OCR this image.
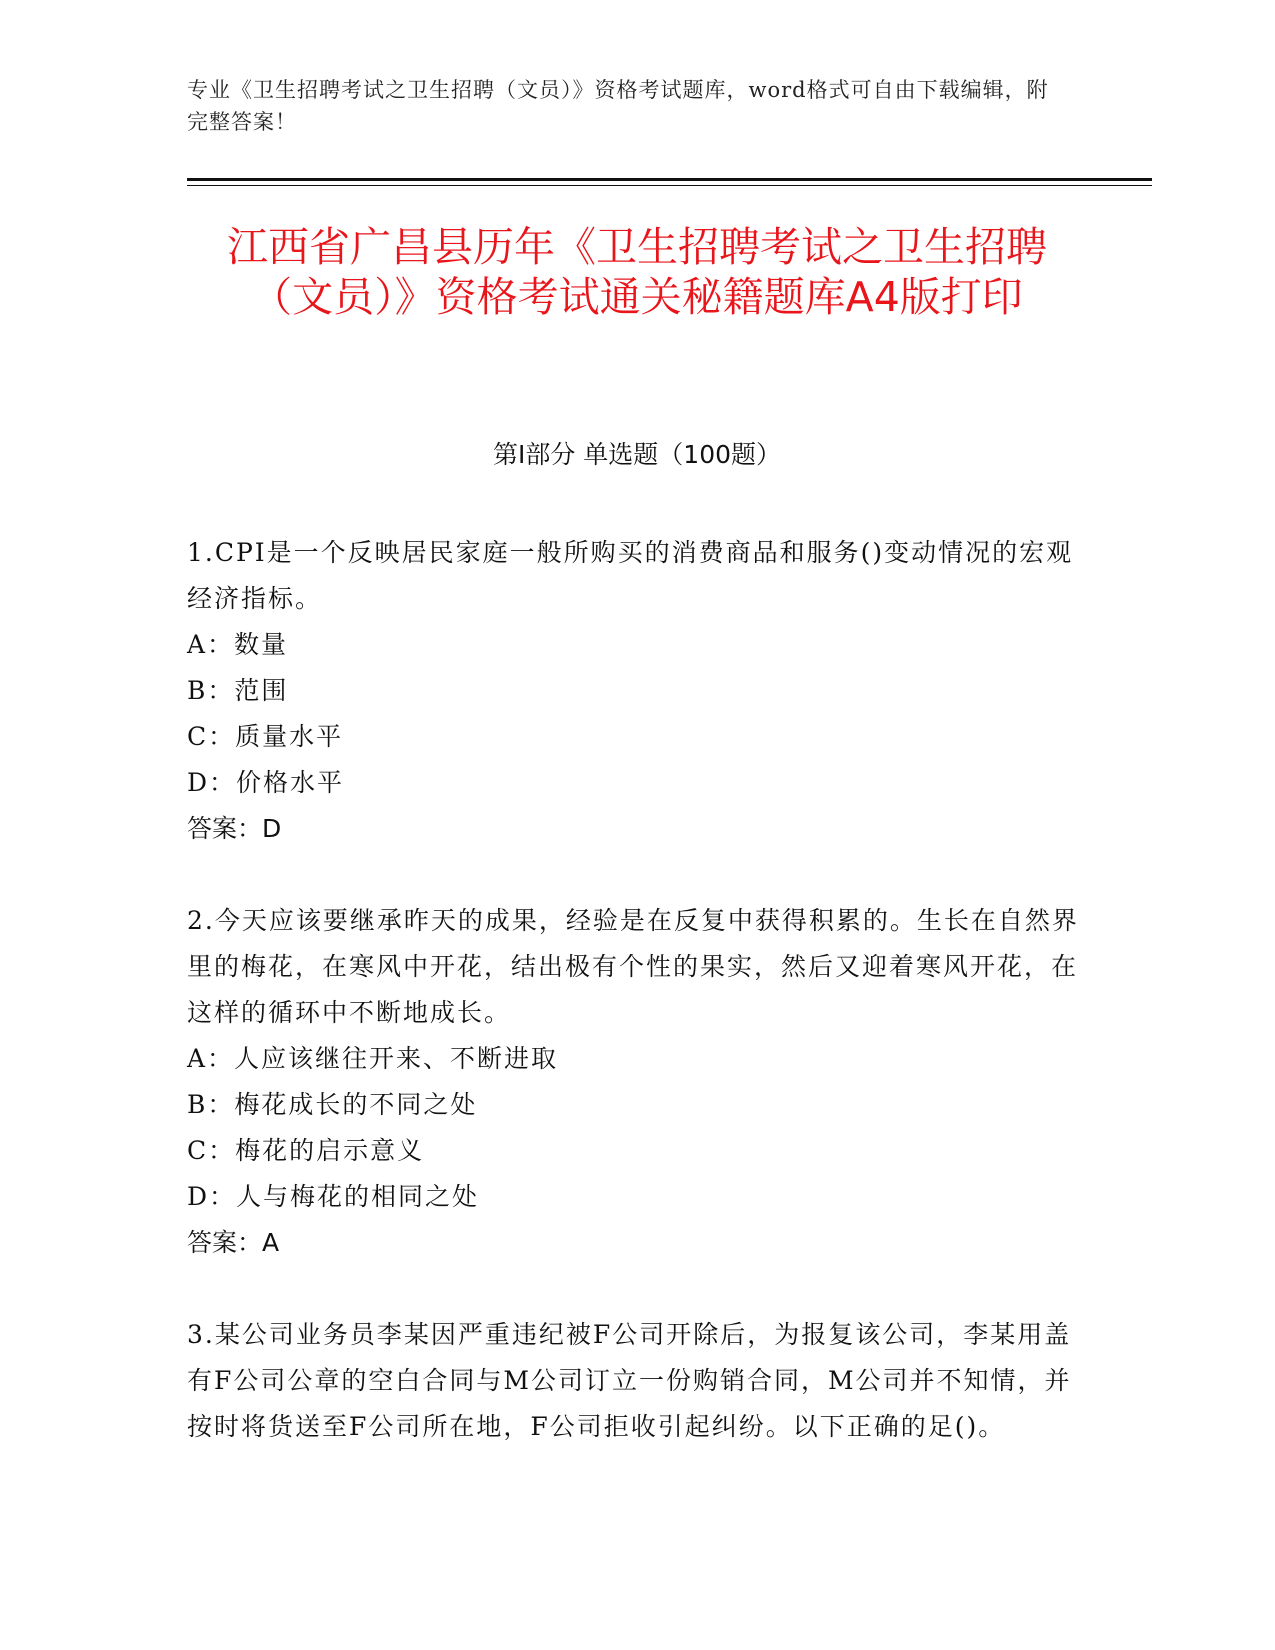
专业《卫生招聘考试之卫生招聘（文员）》资格考试题库，word格式可自由下载编辑，附完整答案！
江西省广昌县历年《卫生招聘考试之卫生招聘（文员）》资格考试通关秘籍题库A4版打印
第Ⅰ部分 单选题（100题）
1.CPI是一个反映居民家庭一般所购买的消费商品和服务()变动情况的宏观经济指标。
A：数量
B：范围
C：质量水平
D：价格水平
答案：D
2.今天应该要继承昨天的成果，经验是在反复中获得积累的。生长在自然界里的梅花，在寒风中开花，结出极有个性的果实，然后又迎着寒风开花，在这样的循环中不断地成长。
A：人应该继往开来、不断进取
B：梅花成长的不同之处
C：梅花的启示意义
D：人与梅花的相同之处
答案：A
3.某公司业务员李某因严重违纪被F公司开除后，为报复该公司，李某用盖有F公司公章的空白合同与M公司订立一份购销合同，M公司并不知情，并按时将货送至F公司所在地，F公司拒收引起纠纷。以下正确的足()。
